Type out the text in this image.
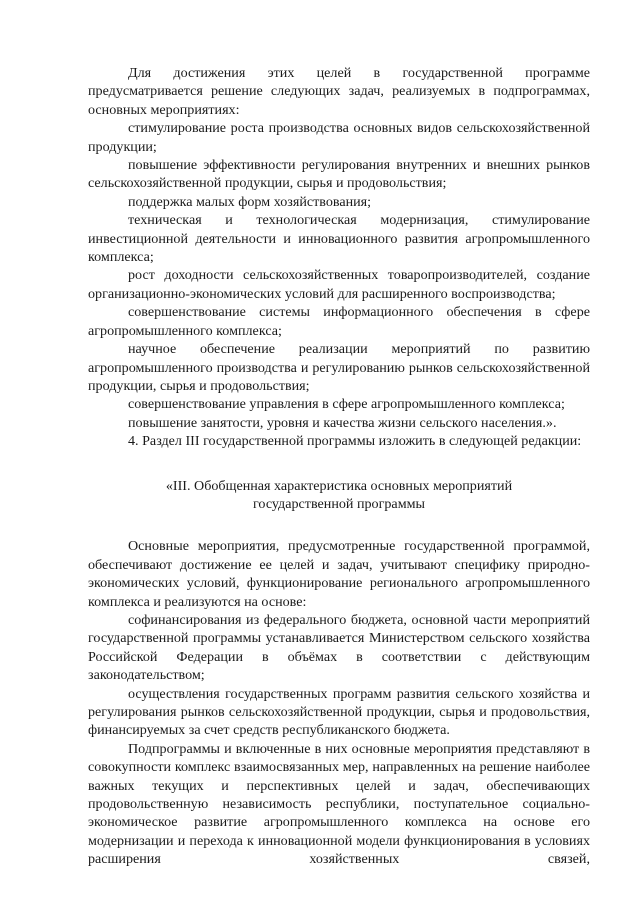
Для достижения этих целей в государственной программе предусматривается решение следующих задач, реализуемых в подпрограммах, основных мероприятиях:

стимулирование роста производства основных видов сельскохозяйственной продукции;

повышение эффективности регулирования внутренних и внешних рынков сельскохозяйственной продукции, сырья и продовольствия;

поддержка малых форм хозяйствования;

техническая и технологическая модернизация, стимулирование инвестиционной деятельности и инновационного развития агропромышленного комплекса;

рост доходности сельскохозяйственных товаропроизводителей, создание организационно-экономических условий для расширенного воспроизводства;

совершенствование системы информационного обеспечения в сфере агропромышленного комплекса;

научное обеспечение реализации мероприятий по развитию агропромышленного производства и регулированию рынков сельскохозяйственной продукции, сырья и продовольствия;

совершенствование управления в сфере агропромышленного комплекса;

повышение занятости, уровня и качества жизни сельского населения.».

4. Раздел III государственной программы изложить в следующей редакции:

«III. Обобщенная характеристика основных мероприятий
государственной программы

Основные мероприятия, предусмотренные государственной программой, обеспечивают достижение ее целей и задач, учитывают специфику природно-экономических условий, функционирование регионального агропромышленного комплекса и реализуются на основе:

софинансирования из федерального бюджета, основной части мероприятий государственной программы устанавливается Министерством сельского хозяйства Российской Федерации в объёмах в соответствии с действующим законодательством;

осуществления государственных программ развития сельского хозяйства и регулирования рынков сельскохозяйственной продукции, сырья и продовольствия, финансируемых за счет средств республиканского бюджета.

Подпрограммы и включенные в них основные мероприятия представляют в совокупности комплекс взаимосвязанных мер, направленных на решение наиболее важных текущих и перспективных целей и задач, обеспечивающих продовольственную независимость республики, поступательное социально-экономическое развитие агропромышленного комплекса на основе его модернизации и перехода к инновационной модели функционирования в условиях расширения хозяйственных связей,
